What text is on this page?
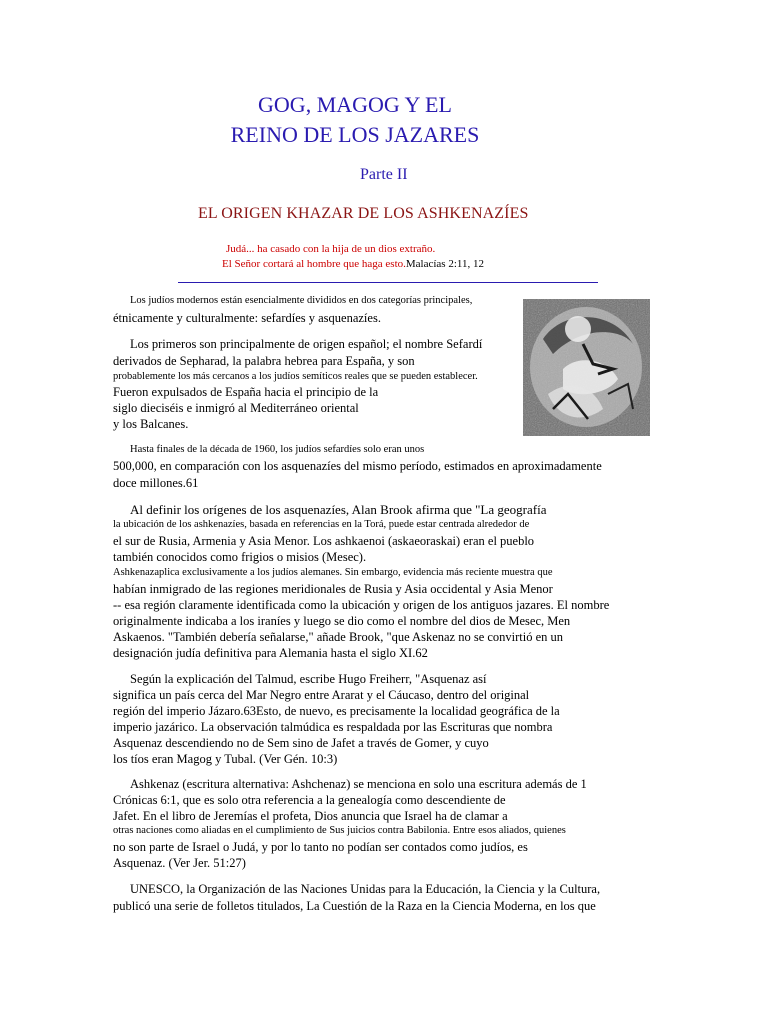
GOG, MAGOG Y EL
REINO DE LOS JAZARES
Parte II
EL ORIGEN KHAZAR DE LOS ASHKENAZÍES
Judá... ha casado con la hija de un dios extraño.
El Señor cortará al hombre que haga esto.Malacías 2:11, 12
Los judíos modernos están esencialmente divididos en dos categorías principales,
étnicamente y culturalmente: sefardíes y asquenazíes.
Los primeros son principalmente de origen español; el nombre Sefardí
derivados de Sepharad, la palabra hebrea para España, y son
probablemente los más cercanos a los judíos semíticos reales que se pueden establecer.
Fueron expulsados de España hacia el principio de la
siglo dieciséis e inmigró al Mediterráneo oriental
y los Balcanes.
Hasta finales de la década de 1960, los judíos sefardíes solo eran unos
500,000, en comparación con los asquenazíes del mismo período, estimados en aproximadamente
doce millones.61
Al definir los orígenes de los asquenazíes, Alan Brook afirma que "La geografía
la ubicación de los ashkenazíes, basada en referencias en la Torá, puede estar centrada alrededor de
el sur de Rusia, Armenia y Asia Menor. Los ashkaenoi (askaeoraskai) eran el pueblo
también conocidos como frigios o misios (Mesec).
Ashkenazaplica exclusivamente a los judíos alemanes. Sin embargo, evidencia más reciente muestra que
habían inmigrado de las regiones meridionales de Rusia y Asia occidental y Asia Menor
-- esa región claramente identificada como la ubicación y origen de los antiguos jazares. El nombre
originalmente indicaba a los iraníes y luego se dio como el nombre del dios de Mesec, Men
Askaenos. "También debería señalarse," añade Brook, "que Askenaz no se convirtió en un
designación judía definitiva para Alemania hasta el siglo XI.62
Según la explicación del Talmud, escribe Hugo Freiherr, "Asquenaz así
significa un país cerca del Mar Negro entre Ararat y el Cáucaso, dentro del original
región del imperio Jázaro.63Esto, de nuevo, es precisamente la localidad geográfica de la
imperio jazárico. La observación talmúdica es respaldada por las Escrituras que nombra
Asquenaz descendiendo no de Sem sino de Jafet a través de Gomer, y cuyo
los tíos eran Magog y Tubal. (Ver Gén. 10:3)
Ashkenaz (escritura alternativa: Ashchenaz) se menciona en solo una escritura además de 1
Crónicas 6:1, que es solo otra referencia a la genealogía como descendiente de
Jafet. En el libro de Jeremías el profeta, Dios anuncia que Israel ha de clamar a
otras naciones como aliadas en el cumplimiento de Sus juicios contra Babilonia. Entre esos aliados, quienes
no son parte de Israel o Judá, y por lo tanto no podían ser contados como judíos, es
Asquenaz. (Ver Jer. 51:27)
UNESCO, la Organización de las Naciones Unidas para la Educación, la Ciencia y la Cultura,
publicó una serie de folletos titulados, La Cuestión de la Raza en la Ciencia Moderna, en los que
